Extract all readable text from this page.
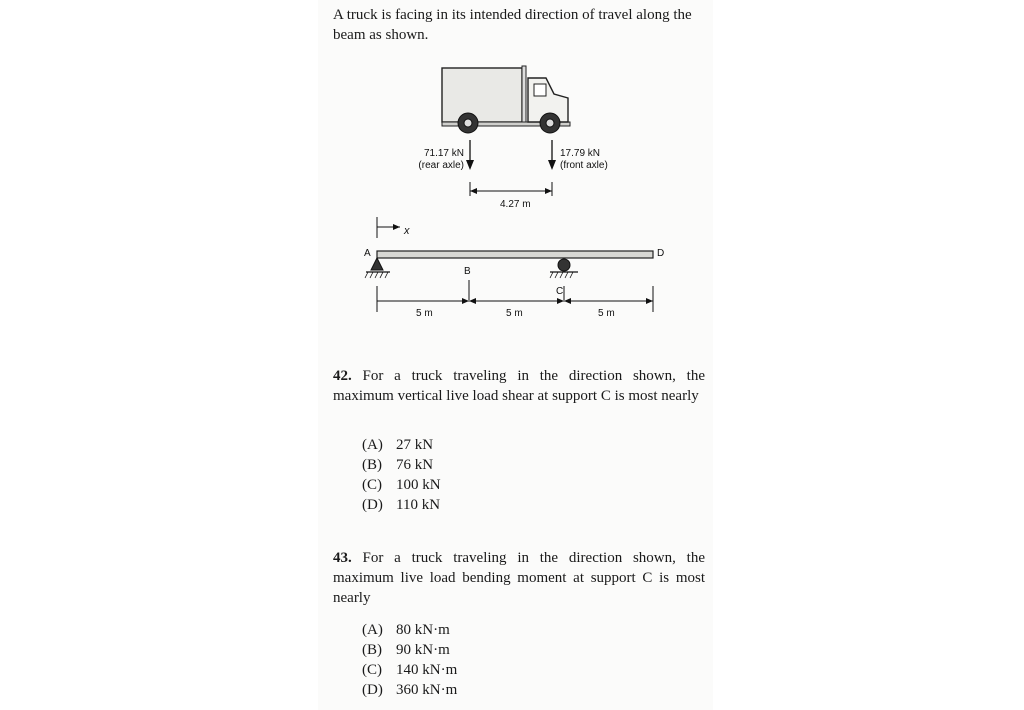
A truck is facing in its intended direction of travel along the beam as shown.
71.17 kN
(rear axle)
17.79 kN
(front axle)
4.27 m
x
A
B
C
D
5 m	5 m	5 m
42. For a truck traveling in the direction shown, the maximum vertical live load shear at support C is most nearly
(A) 27 kN
(B) 76 kN
(C) 100 kN
(D) 110 kN
43. For a truck traveling in the direction shown, the maximum live load bending moment at support C is most nearly
(A) 80 kN·m
(B) 90 kN·m
(C) 140 kN·m
(D) 360 kN·m
